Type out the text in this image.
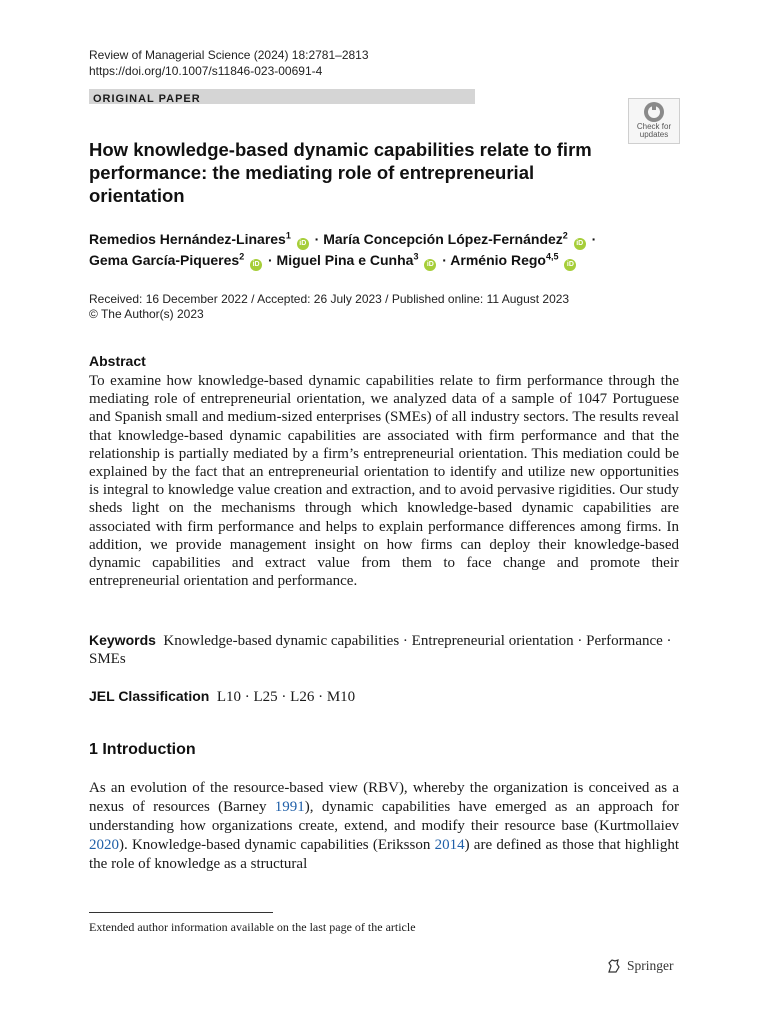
Review of Managerial Science (2024) 18:2781–2813
https://doi.org/10.1007/s11846-023-00691-4
ORIGINAL PAPER
Check for
updates
How knowledge-based dynamic capabilities relate to firm performance: the mediating role of entrepreneurial orientation
Remedios Hernández-Linares$^1$ iD · María Concepción López-Fernández$^2$ iD ·
Gema García-Piqueres$^2$ iD · Miguel Pina e Cunha$^3$ iD · Arménio Rego$^{4,5}$ iD
Received: 16 December 2022 / Accepted: 26 July 2023 / Published online: 11 August 2023
© The Author(s) 2023
Abstract
To examine how knowledge-based dynamic capabilities relate to firm performance through the mediating role of entrepreneurial orientation, we analyzed data of a sample of 1047 Portuguese and Spanish small and medium-sized enterprises (SMEs) of all industry sectors. The results reveal that knowledge-based dynamic capabilities are associated with firm performance and that the relationship is partially mediated by a firm’s entrepreneurial orientation. This mediation could be explained by the fact that an entrepreneurial orientation to identify and utilize new opportunities is integral to knowledge value creation and extraction, and to avoid pervasive rigidities. Our study sheds light on the mechanisms through which knowledge-based dynamic capabilities are associated with firm performance and helps to explain performance differences among firms. In addition, we provide management insight on how firms can deploy their knowledge-based dynamic capabilities and extract value from them to face change and promote their entrepreneurial orientation and performance.
Keywords Knowledge-based dynamic capabilities · Entrepreneurial orientation · Performance · SMEs
JEL Classification L10 · L25 · L26 · M10
1 Introduction
As an evolution of the resource-based view (RBV), whereby the organization is conceived as a nexus of resources (Barney 1991), dynamic capabilities have emerged as an approach for understanding how organizations create, extend, and modify their resource base (Kurtmollaiev 2020). Knowledge-based dynamic capabilities (Eriksson 2014) are defined as those that highlight the role of knowledge as a structural
Extended author information available on the last page of the article
Springer
